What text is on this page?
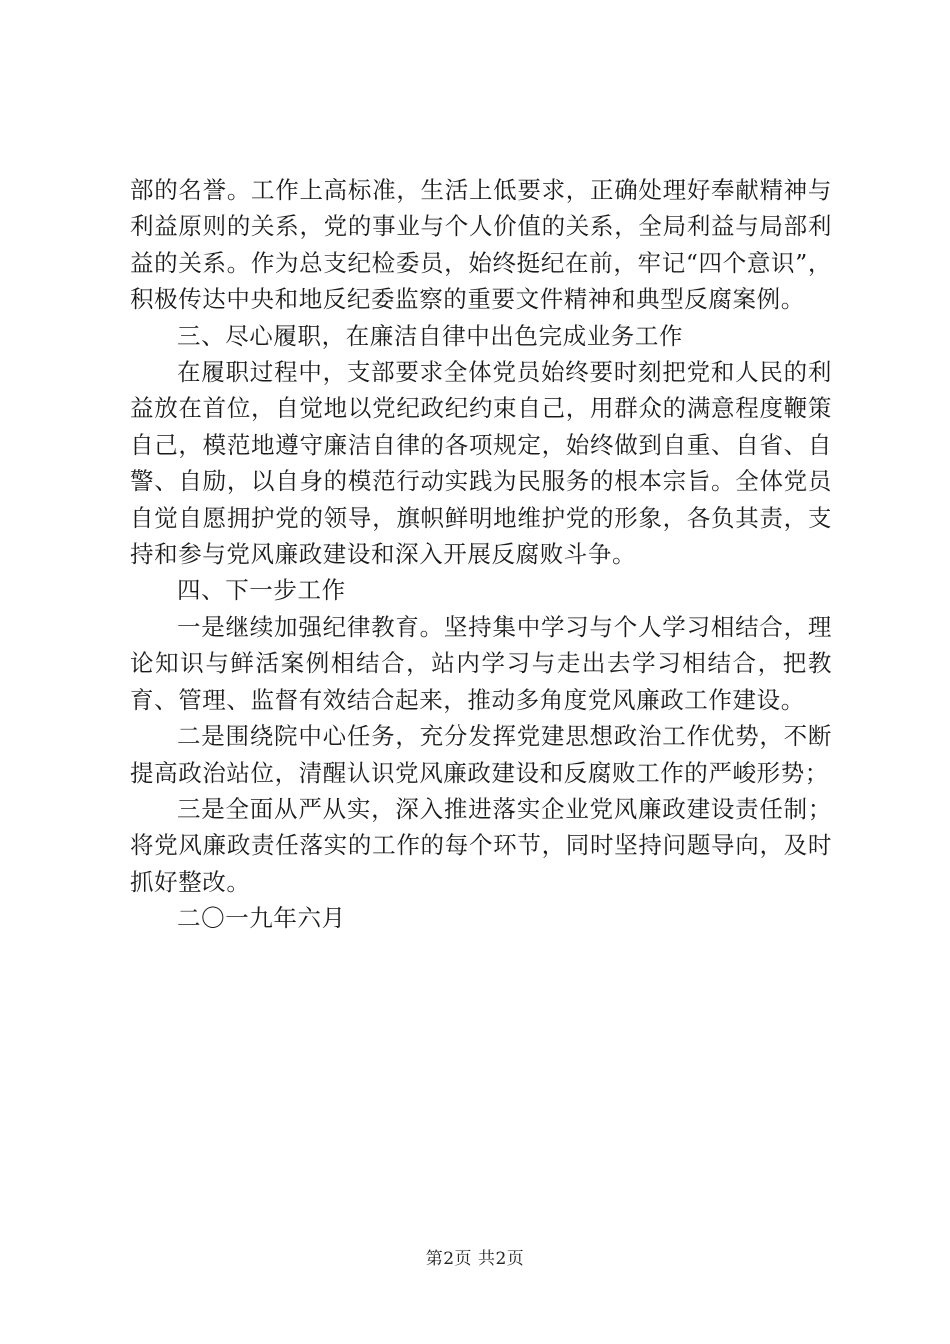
部的名誉。工作上高标准，生活上低要求，正确处理好奉献精神与利益原则的关系，党的事业与个人价值的关系，全局利益与局部利益的关系。作为总支纪检委员，始终挺纪在前，牢记“四个意识”，积极传达中央和地反纪委监察的重要文件精神和典型反腐案例。

三、尽心履职，在廉洁自律中出色完成业务工作

在履职过程中，支部要求全体党员始终要时刻把党和人民的利益放在首位，自觉地以党纪政纪约束自己，用群众的满意程度鞭策自己，模范地遵守廉洁自律的各项规定，始终做到自重、自省、自警、自励，以自身的模范行动实践为民服务的根本宗旨。全体党员自觉自愿拥护党的领导，旗帜鲜明地维护党的形象，各负其责，支持和参与党风廉政建设和深入开展反腐败斗争。

四、下一步工作

一是继续加强纪律教育。坚持集中学习与个人学习相结合，理论知识与鲜活案例相结合，站内学习与走出去学习相结合，把教育、管理、监督有效结合起来，推动多角度党风廉政工作建设。

二是围绕院中心任务，充分发挥党建思想政治工作优势，不断提高政治站位，清醒认识党风廉政建设和反腐败工作的严峻形势；

三是全面从严从实，深入推进落实企业党风廉政建设责任制；将党风廉政责任落实的工作的每个环节，同时坚持问题导向，及时抓好整改。

二〇一九年六月

第2页 共2页
